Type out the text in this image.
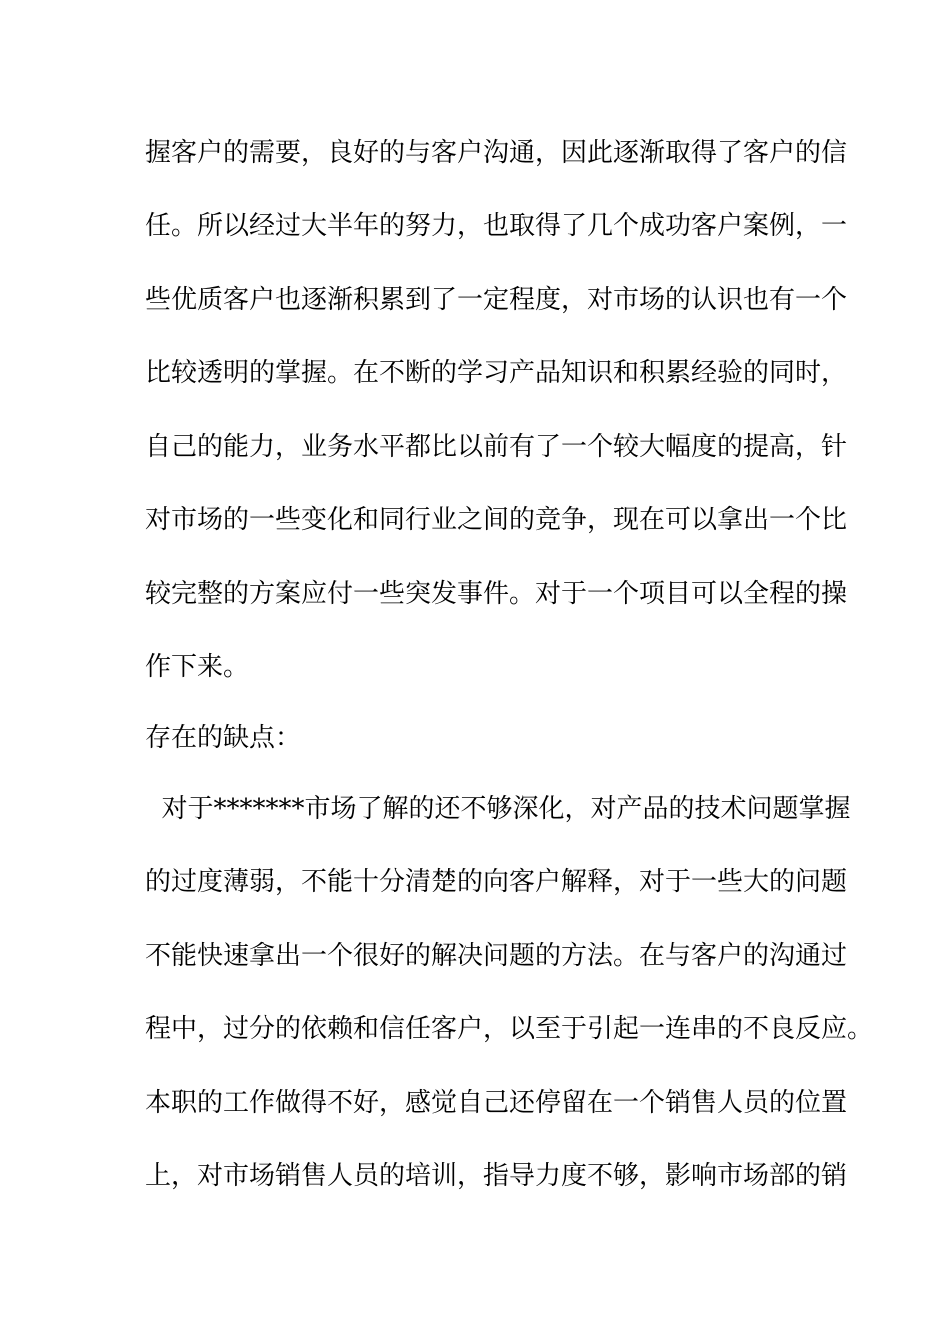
握客户的需要，良好的与客户沟通，因此逐渐取得了客户的信
任。所以经过大半年的努力，也取得了几个成功客户案例，一
些优质客户也逐渐积累到了一定程度，对市场的认识也有一个
比较透明的掌握。在不断的学习产品知识和积累经验的同时，
自己的能力，业务水平都比以前有了一个较大幅度的提高，针
对市场的一些变化和同行业之间的竞争，现在可以拿出一个比
较完整的方案应付一些突发事件。对于一个项目可以全程的操
作下来。
存在的缺点：
对于*******市场了解的还不够深化，对产品的技术问题掌握
的过度薄弱，不能十分清楚的向客户解释，对于一些大的问题
不能快速拿出一个很好的解决问题的方法。在与客户的沟通过
程中，过分的依赖和信任客户，以至于引起一连串的不良反应。
本职的工作做得不好，感觉自己还停留在一个销售人员的位置
上，对市场销售人员的培训，指导力度不够，影响市场部的销
